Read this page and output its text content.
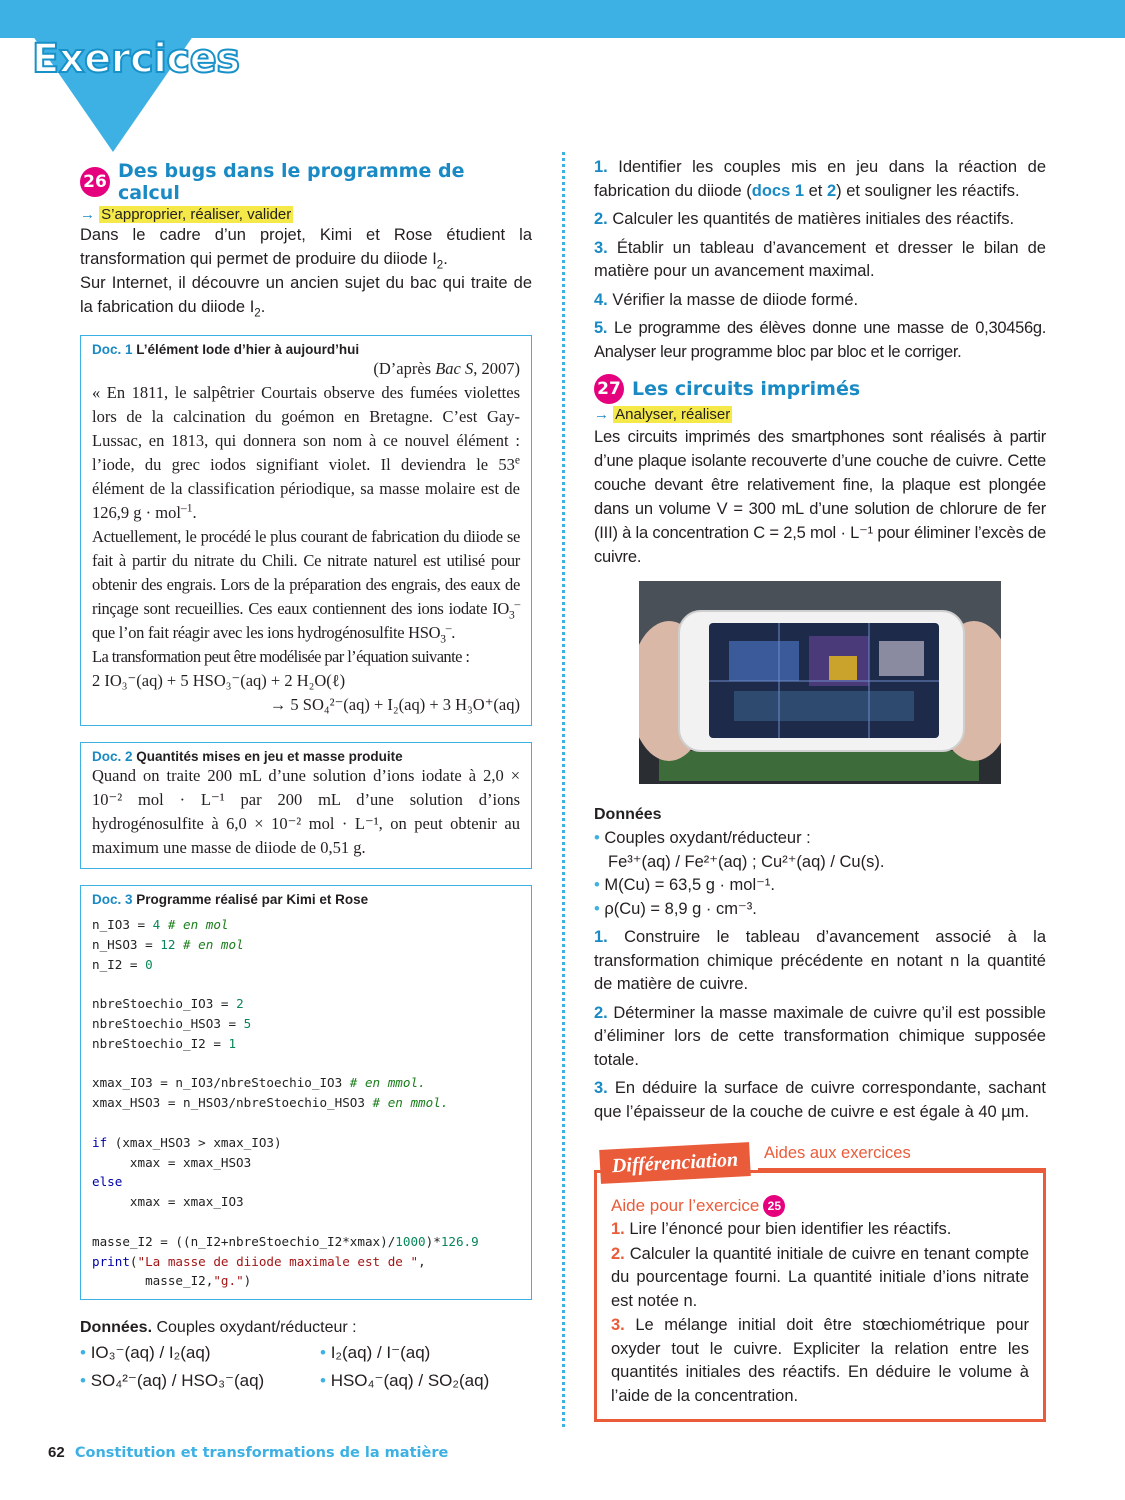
Exercices
26 Des bugs dans le programme de calcul
→ S’approprier, réaliser, valider
Dans le cadre d’un projet, Kimi et Rose étudient la transformation qui permet de produire du diiode $I_2$.
Sur Internet, il découvre un ancien sujet du bac qui traite de la fabrication du diiode $I_2$.
Doc. 1 L’élément Iode d’hier à aujourd’hui
(D’après Bac S, 2007)
« En 1811, le salpêtrier Courtais observe des fumées violettes lors de la calcination du goémon en Bretagne. C’est Gay-Lussac, en 1813, qui donnera son nom à ce nouvel élément : l’iode, du grec iodos signifiant violet. Il deviendra le 53e élément de la classification périodique, sa masse molaire est de 126,9 g · mol$^{-1}$.
Actuellement, le procédé le plus courant de fabrication du diiode se fait à partir du nitrate du Chili. Ce nitrate naturel est utilisé pour obtenir des engrais. Lors de la préparation des engrais, des eaux de rinçage sont recueillies. Ces eaux contiennent des ions iodate $IO_3^-$ que l’on fait réagir avec les ions hydrogénosulfite $HSO_3^-$.
La transformation peut être modélisée par l’équation suivante :
2 IO₃⁻(aq) + 5 HSO₃⁻(aq) + 2 H₂O(ℓ)
→ 5 SO₄²⁻(aq) + I₂(aq) + 3 H₃O⁺(aq)
Doc. 2 Quantités mises en jeu et masse produite
Quand on traite 200 mL d’une solution d’ions iodate à 2,0 × 10⁻² mol · L⁻¹ par 200 mL d’une solution d’ions hydrogénosulfite à 6,0 × 10⁻² mol · L⁻¹, on peut obtenir au maximum une masse de diiode de 0,51 g.
Doc. 3 Programme réalisé par Kimi et Rose
n_IO3 = 4 # en mol
n_HSO3 = 12 # en mol
n_I2 = 0

nbreStoechio_IO3 = 2
nbreStoechio_HSO3 = 5
nbreStoechio_I2 = 1

xmax_IO3 = n_IO3/nbreStoechio_IO3 # en mmol.
xmax_HSO3 = n_HSO3/nbreStoechio_HSO3 # en mmol.

if (xmax_HSO3 > xmax_IO3)
xmax = xmax_HSO3
else
xmax = xmax_IO3

masse_I2 = ((n_I2+nbreStoechio_I2*xmax)/1000)*126.9
print("La masse de diiode maximale est de ",
masse_I2,"g.")
Données. Couples oxydant/réducteur :
• IO₃⁻(aq) / I₂(aq)	• I₂(aq) / I⁻(aq)
• SO₄²⁻(aq) / HSO₃⁻(aq)	• HSO₄⁻(aq) / SO₂(aq)
1. Identifier les couples mis en jeu dans la réaction de fabrication du diiode (docs 1 et 2) et souligner les réactifs.
2. Calculer les quantités de matières initiales des réactifs.
3. Établir un tableau d’avancement et dresser le bilan de matière pour un avancement maximal.
4. Vérifier la masse de diiode formé.
5. Le programme des élèves donne une masse de 0,30456g. Analyser leur programme bloc par bloc et le corriger.
27 Les circuits imprimés
→ Analyser, réaliser
Les circuits imprimés des smartphones sont réalisés à partir d’une plaque isolante recouverte d’une couche de cuivre. Cette couche devant être relativement fine, la plaque est plongée dans un volume V = 300 mL d’une solution de chlorure de fer (III) à la concentration C = 2,5 mol · L⁻¹ pour éliminer l’excès de cuivre.
Données
• Couples oxydant/réducteur :
Fe³⁺(aq) / Fe²⁺(aq) ; Cu²⁺(aq) / Cu(s).
• M(Cu) = 63,5 g · mol⁻¹.
• ρ(Cu) = 8,9 g · cm⁻³.
1. Construire le tableau d’avancement associé à la transformation chimique précédente en notant n la quantité de matière de cuivre.
2. Déterminer la masse maximale de cuivre qu’il est possible d’éliminer lors de cette transformation chimique supposée totale.
3. En déduire la surface de cuivre correspondante, sachant que l’épaisseur de la couche de cuivre e est égale à 40 µm.
Différenciation	Aides aux exercices
Aide pour l’exercice 25
1. Lire l’énoncé pour bien identifier les réactifs.
2. Calculer la quantité initiale de cuivre en tenant compte du pourcentage fourni. La quantité initiale d’ions nitrate est notée n.
3. Le mélange initial doit être stœchiométrique pour oxyder tout le cuivre. Expliciter la relation entre les quantités initiales des réactifs. En déduire le volume à l’aide de la concentration.
62 Constitution et transformations de la matière
